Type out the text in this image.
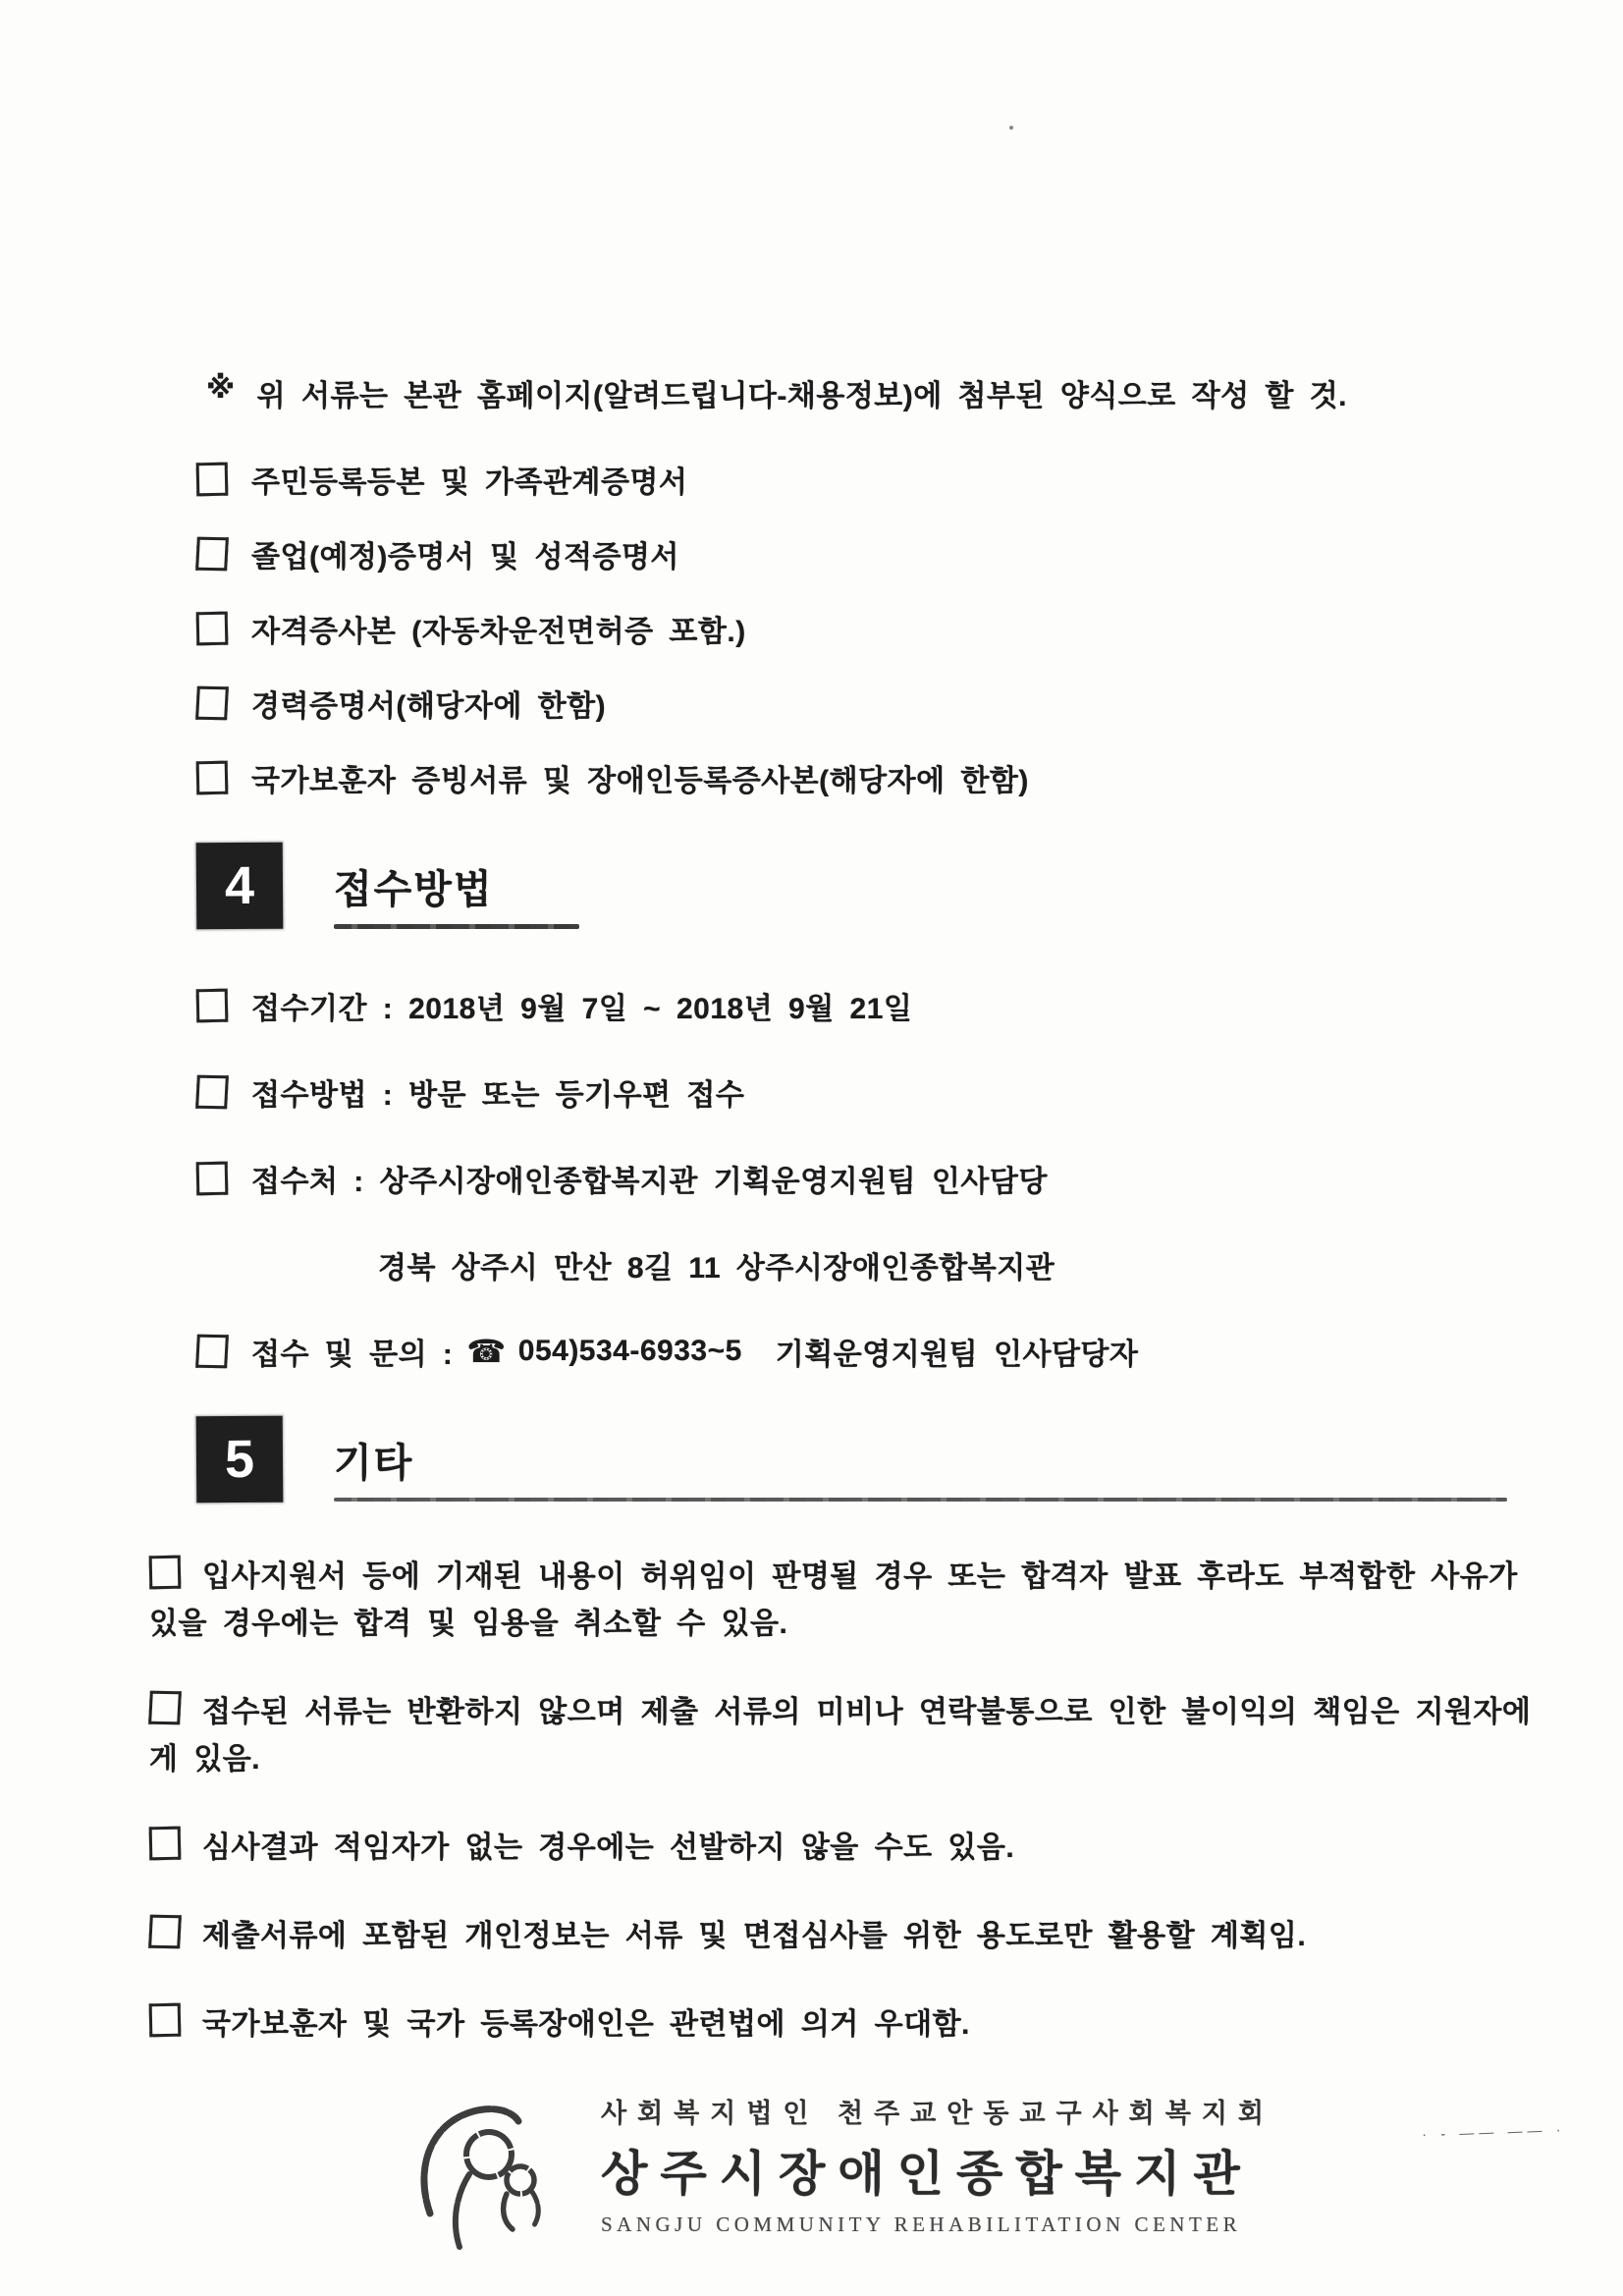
※ 위 서류는 본관 홈페이지(알려드립니다-채용정보)에 첨부된 양식으로 작성 할 것.
주민등록등본 및 가족관계증명서
졸업(예정)증명서 및 성적증명서
자격증사본 (자동차운전면허증 포함.)
경력증명서(해당자에 한함)
국가보훈자 증빙서류 및 장애인등록증사본(해당자에 한함)
4	접수방법
접수기간 : 2018년 9월 7일 ~ 2018년 9월 21일
접수방법 : 방문 또는 등기우편 접수
접수처 : 상주시장애인종합복지관 기획운영지원팀 인사담당
경북 상주시 만산 8길 11 상주시장애인종합복지관
접수 및 문의 : ☎ 054)534-6933~5 기획운영지원팀 인사담당자
5	기타

입사지원서 등에 기재된 내용이 허위임이 판명될 경우 또는 합격자 발표 후라도 부적합한 사유가 있을 경우에는 합격 및 임용을 취소할 수 있음.

접수된 서류는 반환하지 않으며 제출 서류의 미비나 연락불통으로 인한 불이익의 책임은 지원자에게 있음.

심사결과 적임자가 없는 경우에는 선발하지 않을 수도 있음.

제출서류에 포함된 개인정보는 서류 및 면접심사를 위한 용도로만 활용할 계획임.

국가보훈자 및 국가 등록장애인은 관련법에 의거 우대함.

사회복지법인 천주교안동교구사회복지회
상주시장애인종합복지관
SANGJU COMMUNITY REHABILITATION CENTER
· ‐ —— ―― ·
